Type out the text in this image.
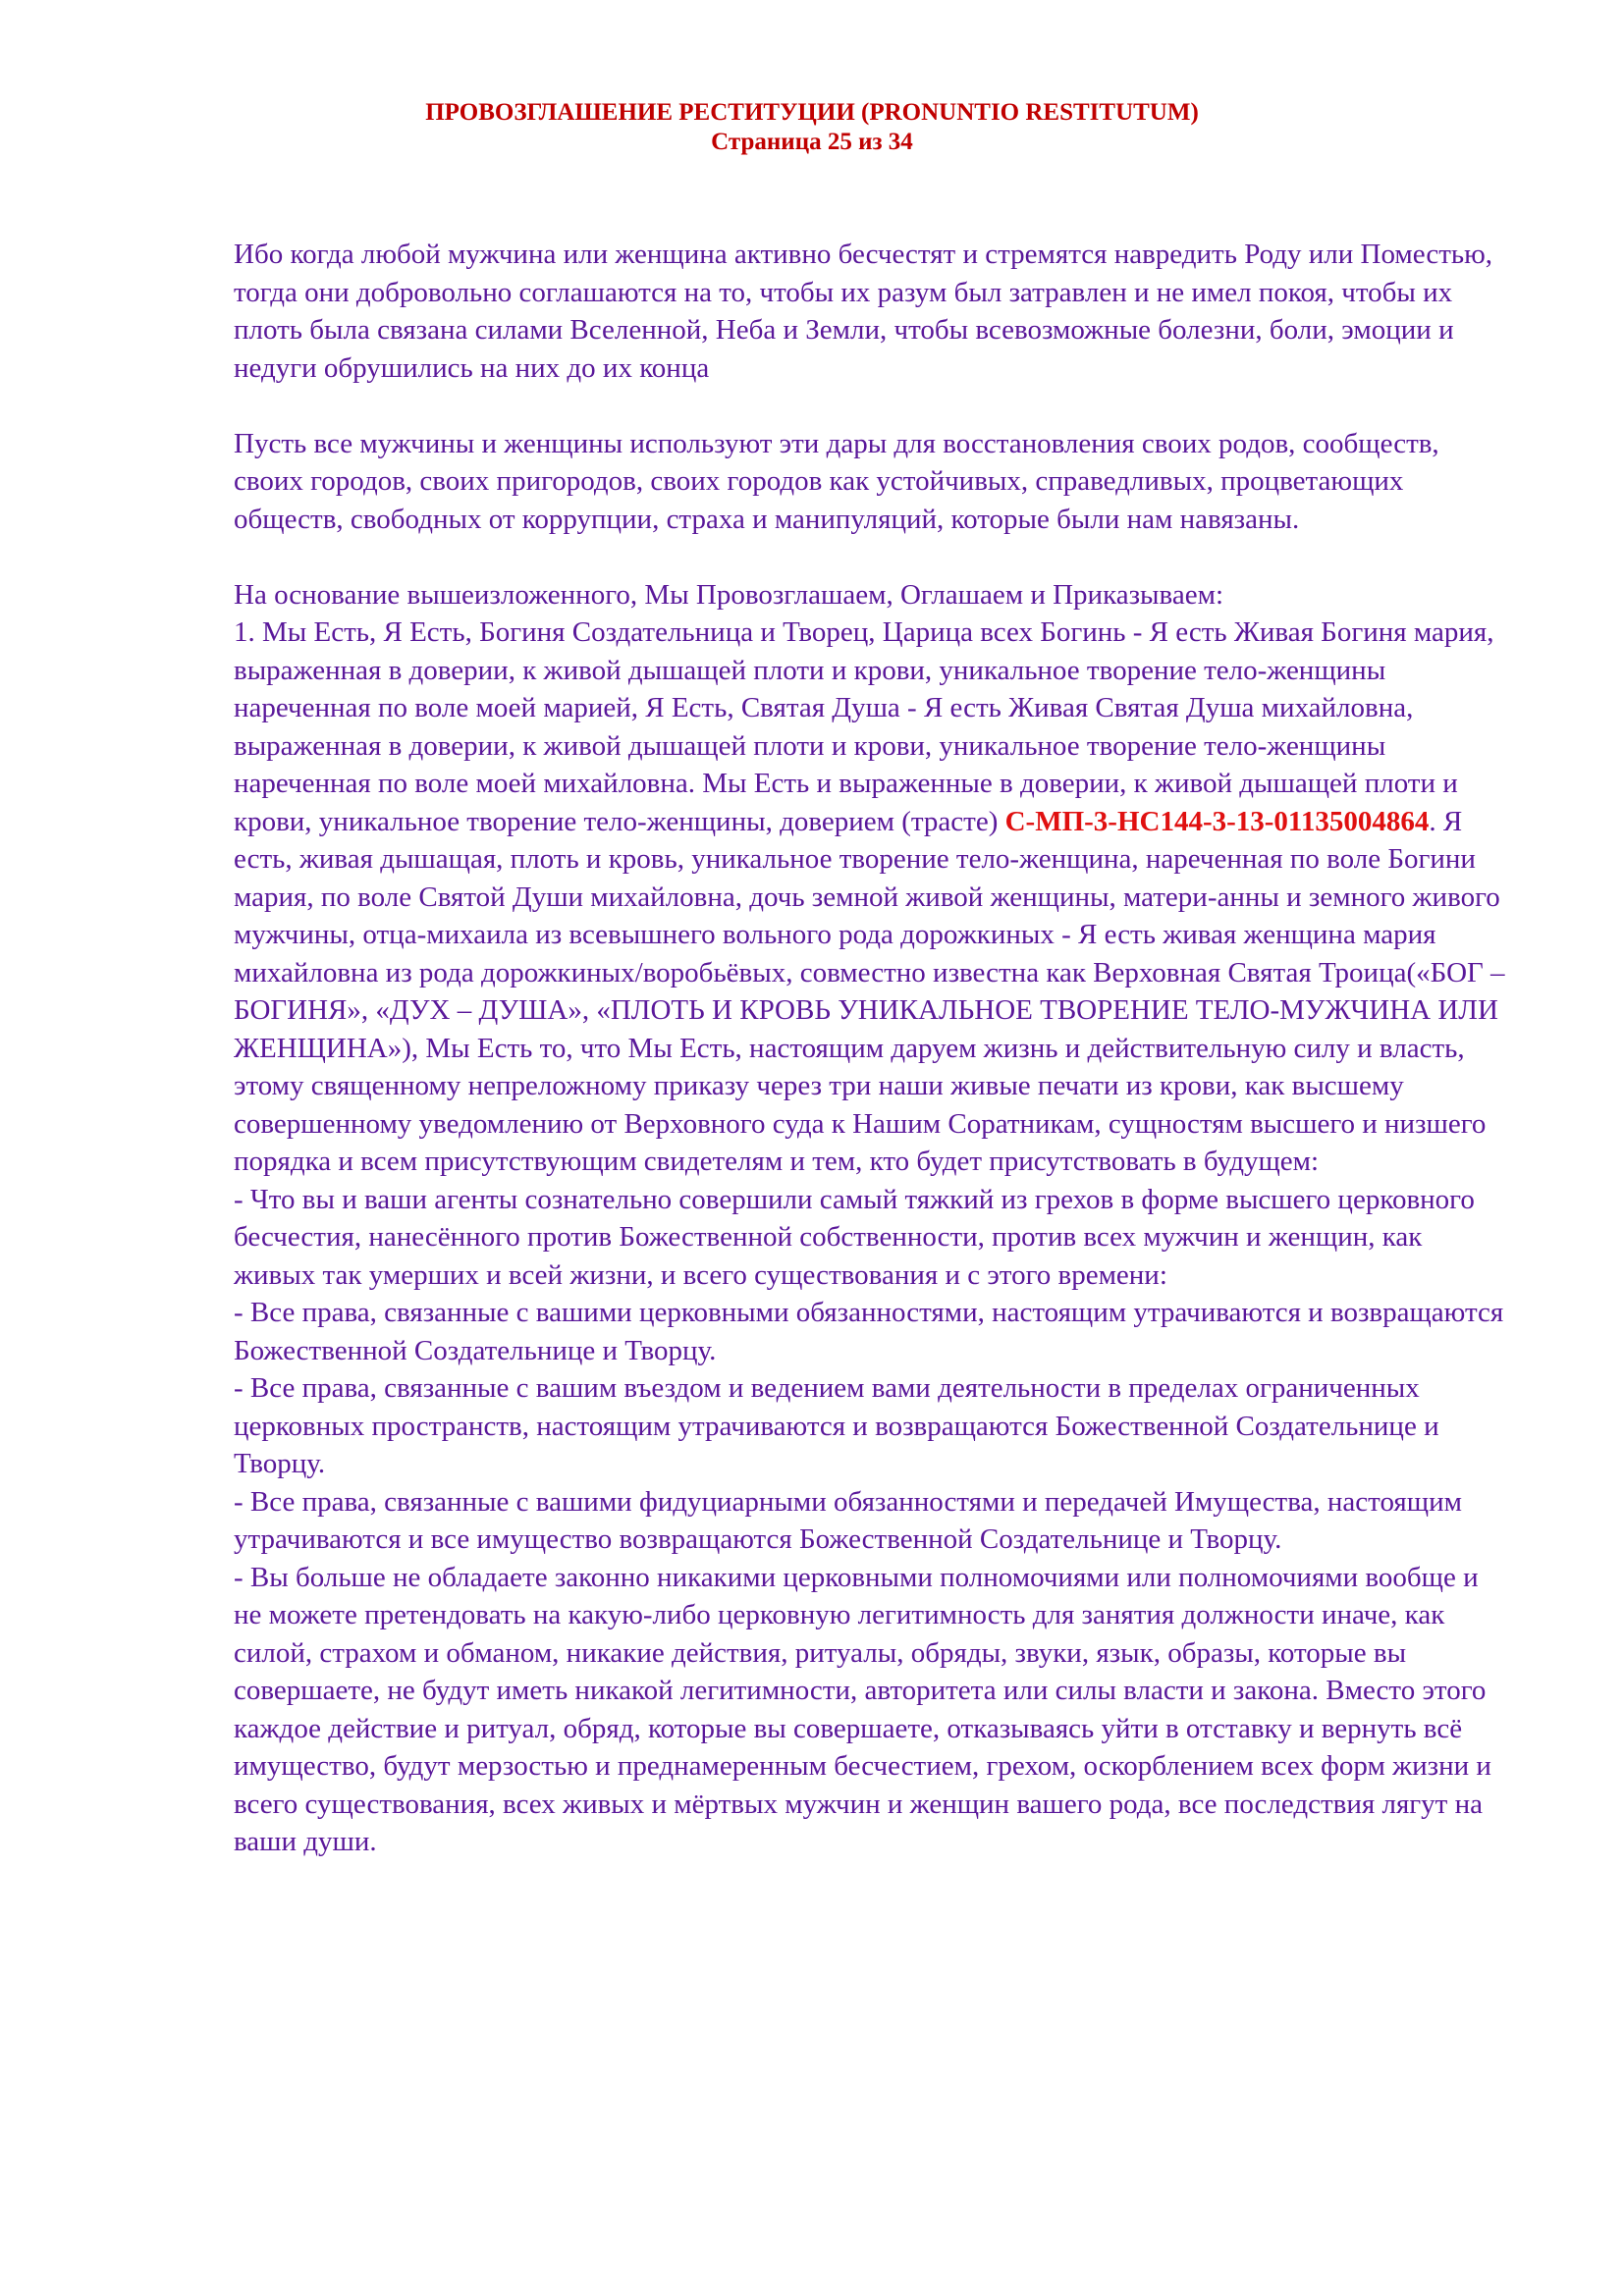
ПРОВОЗГЛАШЕНИЕ РЕСТИТУЦИИ (PRONUNTIO RESTITUTUM)
Страница 25 из 34

Ибо когда любой мужчина или женщина активно бесчестят и стремятся навредить Роду или Поместью, тогда они добровольно соглашаются на то, чтобы их разум был затравлен и не имел покоя, чтобы их плоть была связана силами Вселенной, Неба и Земли, чтобы всевозможные болезни, боли, эмоции и недуги обрушились на них до их конца

Пусть все мужчины и женщины используют эти дары для восстановления своих родов, сообществ, своих городов, своих пригородов, своих городов как устойчивых, справедливых, процветающих обществ, свободных от коррупции, страха и манипуляций, которые были нам навязаны.

На основание вышеизложенного, Мы Провозглашаем, Оглашаем и Приказываем:

1. Мы Есть, Я Есть, Богиня Создательница и Творец, Царица всех Богинь - Я есть Живая Богиня мария, выраженная в доверии, к живой дышащей плоти и крови, уникальное творение тело-женщины нареченная по воле моей марией, Я Есть, Святая Душа - Я есть Живая Святая Душа михайловна, выраженная в доверии, к живой дышащей плоти и крови, уникальное творение тело-женщины нареченная по воле моей михайловна. Мы Есть и выраженные в доверии, к живой дышащей плоти и крови, уникальное творение тело-женщины, доверием (трасте) С-МП-3-НС144-3-13-01135004864. Я есть, живая дышащая, плоть и кровь, уникальное творение тело-женщина, нареченная по воле Богини мария, по воле Святой Души михайловна, дочь земной живой женщины, матери-анны и земного живого мужчины, отца-михаила из всевышнего вольного рода дорожкиных - Я есть живая женщина мария михайловна из рода дорожкиных/воробьёвых, совместно известна как Верховная Святая Троица(«БОГ – БОГИНЯ», «ДУХ – ДУША», «ПЛОТЬ И КРОВЬ УНИКАЛЬНОЕ ТВОРЕНИЕ ТЕЛО-МУЖЧИНА ИЛИ ЖЕНЩИНА»), Мы Есть то, что Мы Есть, настоящим даруем жизнь и действительную силу и власть, этому священному непреложному приказу через три наши живые печати из крови, как высшему совершенному уведомлению от Верховного суда к Нашим Соратникам, сущностям высшего и низшего порядка и всем присутствующим свидетелям и тем, кто будет присутствовать в будущем:

- Что вы и ваши агенты сознательно совершили самый тяжкий из грехов в форме высшего церковного бесчестия, нанесённого против Божественной собственности, против всех мужчин и женщин, как живых так умерших и всей жизни, и всего существования и с этого времени:

- Все права, связанные с вашими церковными обязанностями, настоящим утрачиваются и возвращаются Божественной Создательнице и Творцу.

- Все права, связанные с вашим въездом и ведением вами деятельности в пределах ограниченных церковных пространств, настоящим утрачиваются и возвращаются Божественной Создательнице и Творцу.

- Все права, связанные с вашими фидуциарными обязанностями и передачей Имущества, настоящим утрачиваются и все имущество возвращаются Божественной Создательнице и Творцу.

- Вы больше не обладаете законно никакими церковными полномочиями или полномочиями вообще и не можете претендовать на какую-либо церковную легитимность для занятия должности иначе, как силой, страхом и обманом, никакие действия, ритуалы, обряды, звуки, язык, образы, которые вы совершаете, не будут иметь никакой легитимности, авторитета или силы власти и закона. Вместо этого каждое действие и ритуал, обряд, которые вы совершаете, отказываясь уйти в отставку и вернуть всё имущество, будут мерзостью и преднамеренным бесчестием, грехом, оскорблением всех форм жизни и всего существования, всех живых и мёртвых мужчин и женщин вашего рода, все последствия лягут на ваши души.
